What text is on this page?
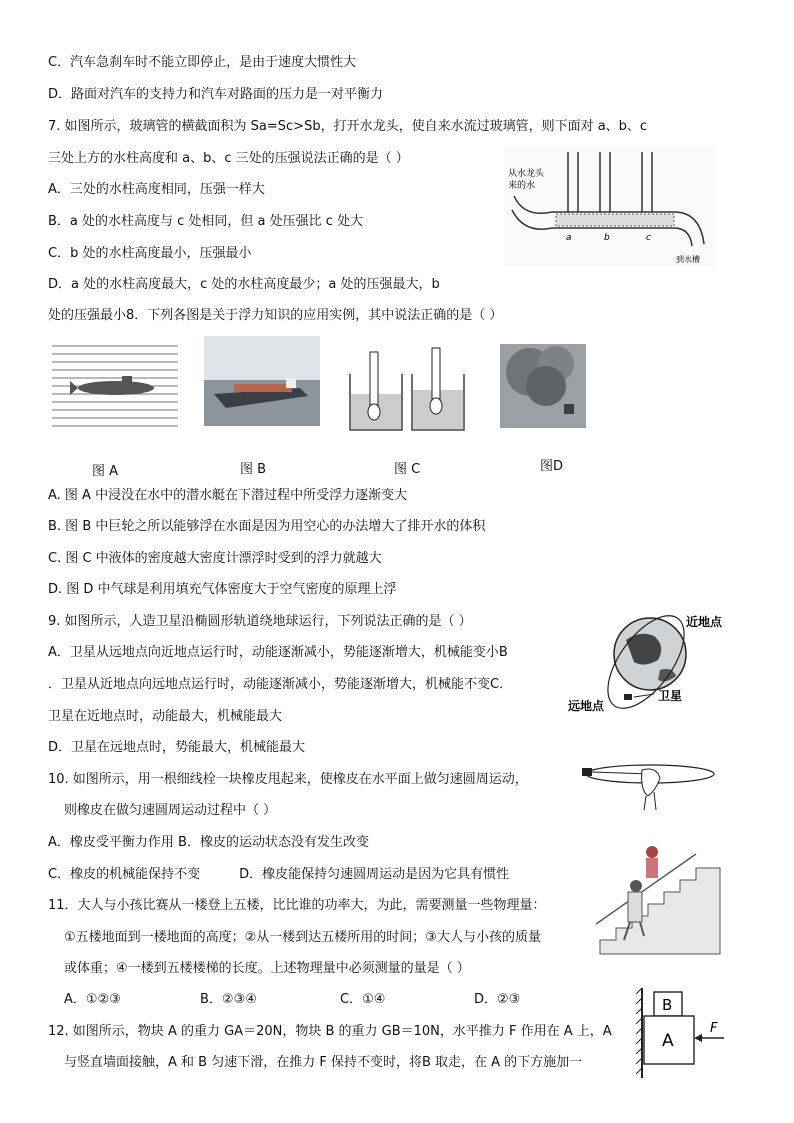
C．汽车急刹车时不能立即停止，是由于速度大惯性大
D．路面对汽车的支持力和汽车对路面的压力是一对平衡力
7. 如图所示，玻璃管的横截面积为 Sa=Sc>Sb，打开水龙头，使自来水流过玻璃管，则下面对 a、b、c
三处上方的水柱高度和 a、b、c 三处的压强说法正确的是（ ）
A．三处的水柱高度相同，压强一样大
B．a 处的水柱高度与 c 处相同，但 a 处压强比 c 处大
C．b 处的水柱高度最小，压强最小
D．a 处的水柱高度最大，c 处的水柱高度最少；a 处的压强最大，b
处的压强最小8．下列各图是关于浮力知识的应用实例，其中说法正确的是（ ）
从水龙头
来的水
a	b	c
到水槽
图 A	图 B	图 C	图D
A. 图 A 中浸没在水中的潜水艇在下潜过程中所受浮力逐渐变大
B. 图 B 中巨轮之所以能够浮在水面是因为用空心的办法增大了排开水的体积
C. 图 C 中液体的密度越大密度计漂浮时受到的浮力就越大
D. 图 D 中气球是利用填充气体密度大于空气密度的原理上浮
9. 如图所示，人造卫星沿椭圆形轨道绕地球运行，下列说法正确的是（ ）
A．卫星从远地点向近地点运行时，动能逐渐减小，势能逐渐增大，机械能变小B
．卫星从近地点向远地点运行时，动能逐渐减小，势能逐渐增大，机械能不变C．
卫星在近地点时，动能最大，机械能最大
D．卫星在远地点时，势能最大，机械能最大
近地点
远地点
卫星
10. 如图所示，用一根细线栓一块橡皮甩起来，使橡皮在水平面上做匀速圆周运动，
则橡皮在做匀速圆周运动过程中（ ）
A．橡皮受平衡力作用 B．橡皮的运动状态没有发生改变
C．橡皮的机械能保持不变　　　D．橡皮能保持匀速圆周运动是因为它具有惯性
11．大人与小孩比赛从一楼登上五楼，比比谁的功率大，为此，需要测量一些物理量：
①五楼地面到一楼地面的高度；②从一楼到达五楼所用的时间；③大人与小孩的质量
或体重；④一楼到五楼楼梯的长度。上述物理量中必须测量的量是（ ）
A．①②③	B．②③④	C．①④	D．②③
12. 如图所示，物块 A 的重力 GA＝20N，物块 B 的重力 GB＝10N，水平推力 F 作用在 A 上，A
与竖直墙面接触，A 和 B 匀速下滑，在推力 F 保持不变时，将B 取走，在 A 的下方施加一
B
A
F
